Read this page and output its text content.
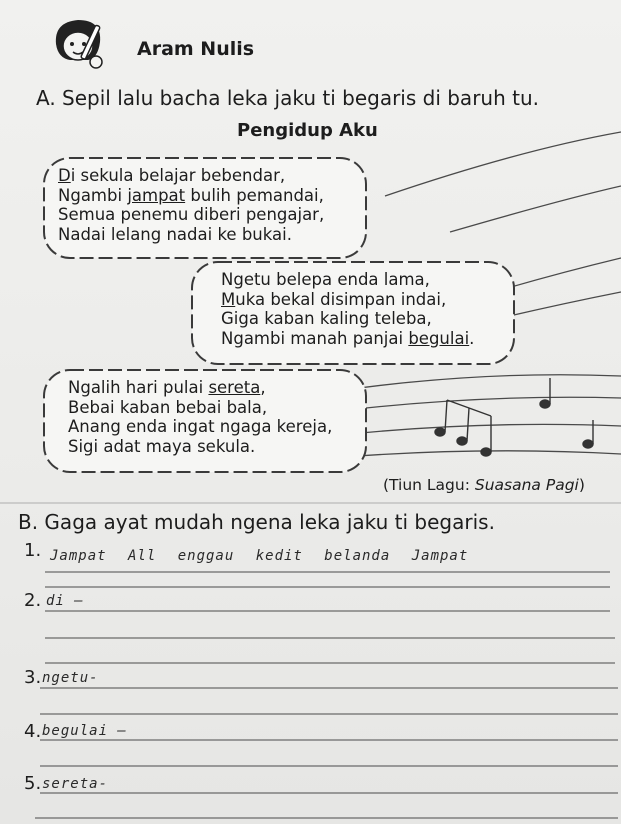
Aram Nulis
A. Sepil lalu bacha leka jaku ti begaris di baruh tu.
Pengidup Aku
Di sekula belajar bebendar,
Ngambi jampat bulih pemandai,
Semua penemu diberi pengajar,
Nadai lelang nadai ke bukai.
Ngetu belepa enda lama,
Muka bekal disimpan indai,
Giga kaban kaling teleba,
Ngambi manah panjai begulai.
Ngalih hari pulai sereta,
Bebai kaban bebai bala,
Anang enda ingat ngaga kereja,
Sigi adat maya sekula.
(Tiun Lagu: Suasana Pagi)
B. Gaga ayat mudah ngena leka jaku ti begaris.
1. Jampat All enggau kedit belanda Jampat
2. di –
3. ngetu-
4. begulai –
5. sereta-
